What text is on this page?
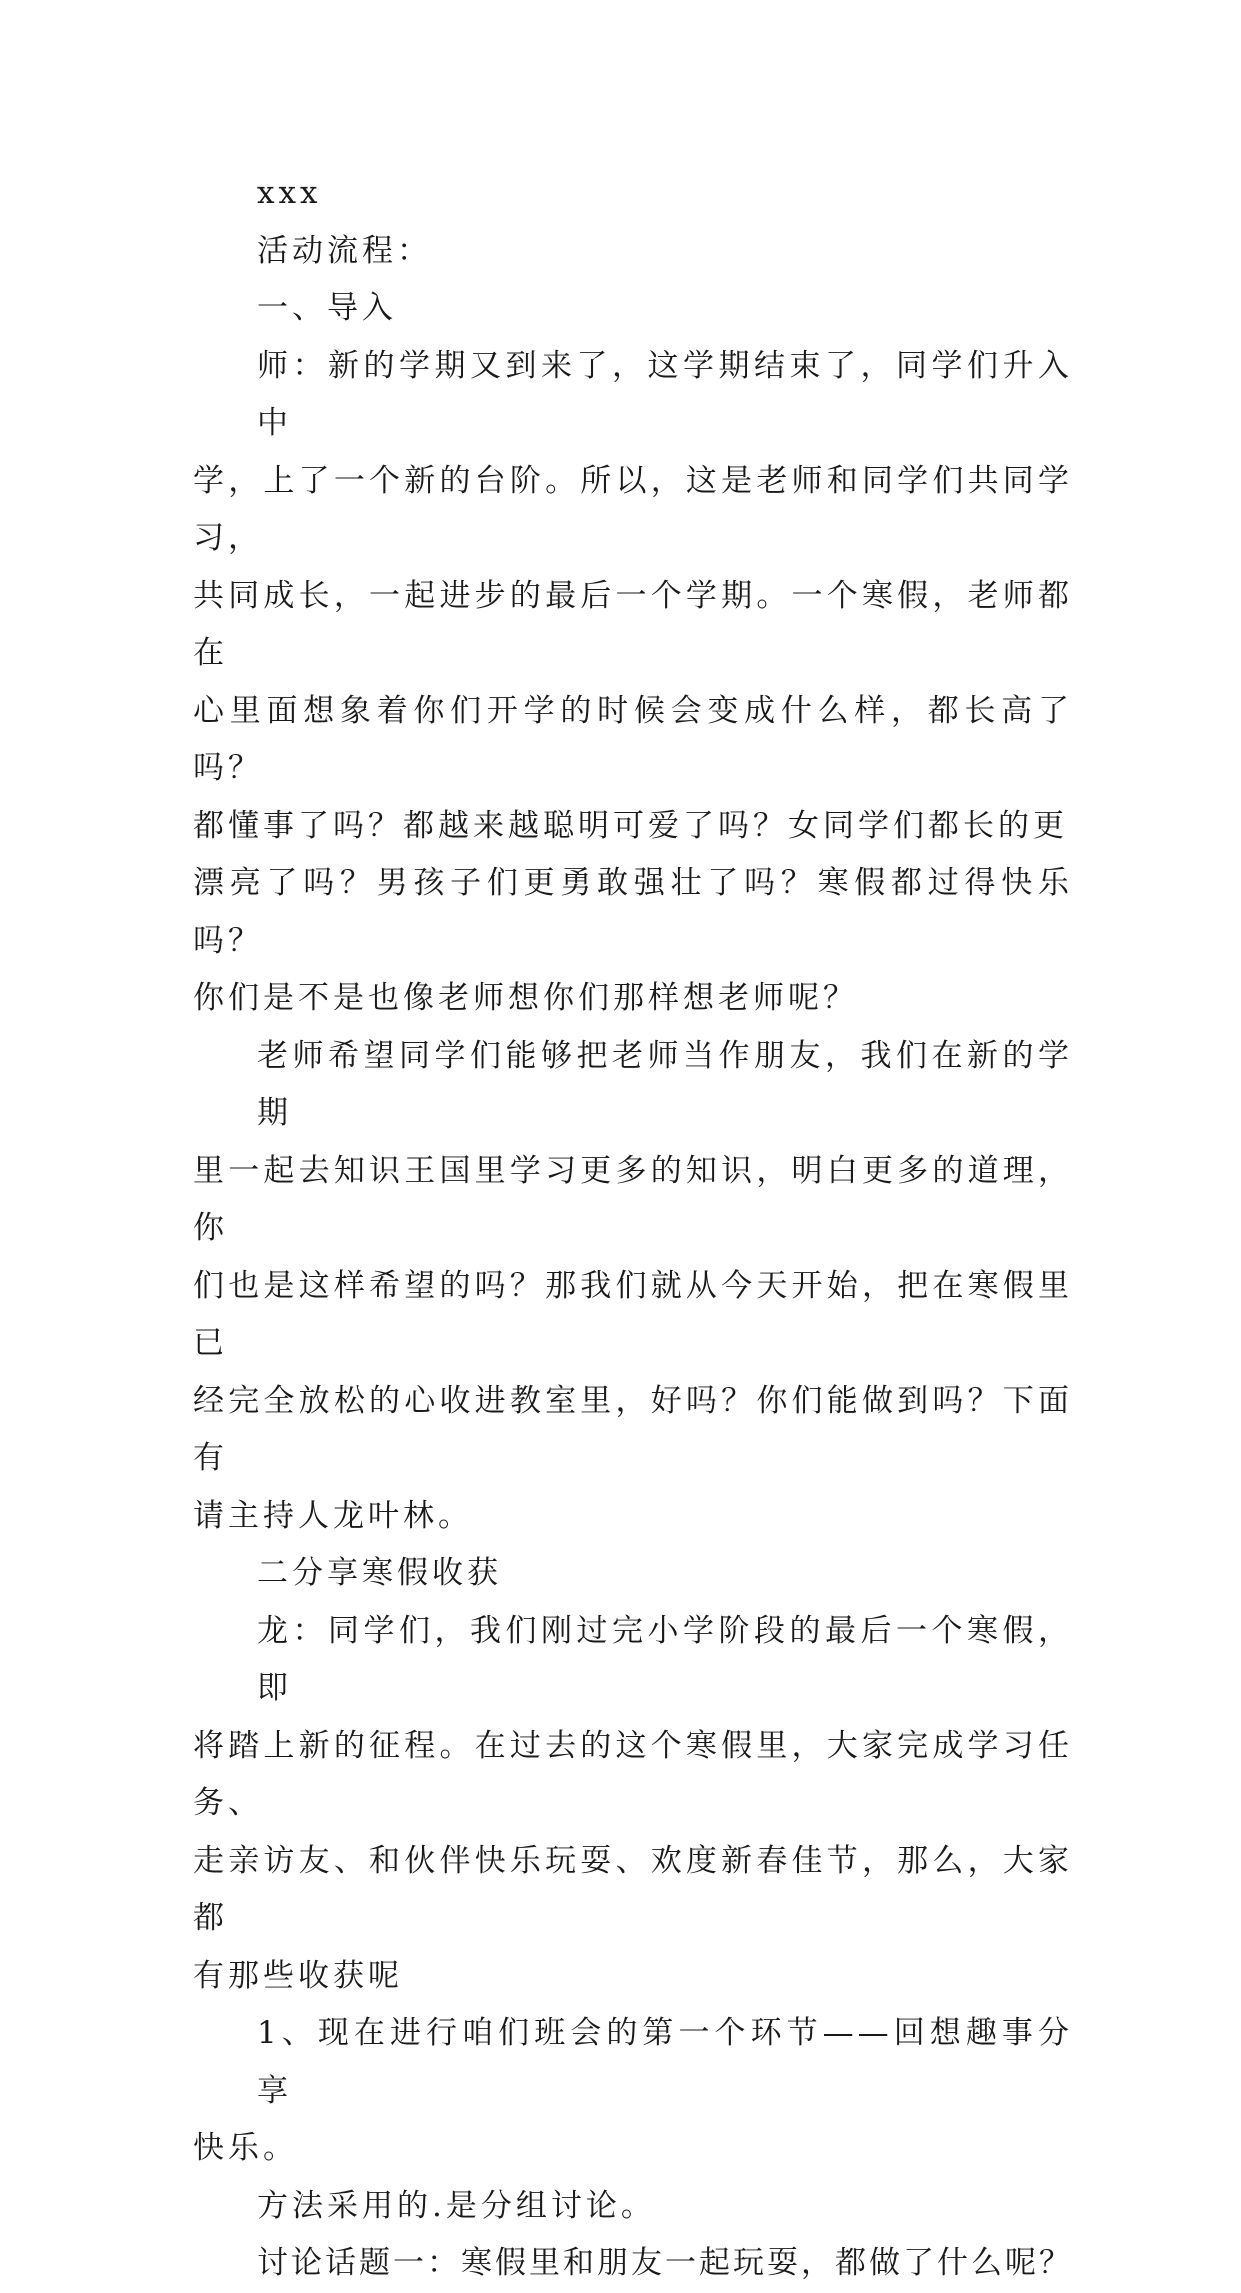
xxx

活动流程：

一、导入

师：新的学期又到来了，这学期结束了，同学们升入中
学，上了一个新的台阶。所以，这是老师和同学们共同学习，
共同成长，一起进步的最后一个学期。一个寒假，老师都在
心里面想象着你们开学的时候会变成什么样，都长高了吗？
都懂事了吗？都越来越聪明可爱了吗？女同学们都长的更
漂亮了吗？男孩子们更勇敢强壮了吗？寒假都过得快乐吗？
你们是不是也像老师想你们那样想老师呢？
老师希望同学们能够把老师当作朋友，我们在新的学期
里一起去知识王国里学习更多的知识，明白更多的道理，你
们也是这样希望的吗？那我们就从今天开始，把在寒假里已
经完全放松的心收进教室里，好吗？你们能做到吗？下面有
请主持人龙叶林。

二分享寒假收获

龙：同学们，我们刚过完小学阶段的最后一个寒假，即
将踏上新的征程。在过去的这个寒假里，大家完成学习任务、
走亲访友、和伙伴快乐玩耍、欢度新春佳节，那么，大家都
有那些收获呢
1、现在进行咱们班会的第一个环节——回想趣事分享
快乐。

方法采用的.是分组讨论。

讨论话题一：寒假里和朋友一起玩耍，都做了什么呢？
